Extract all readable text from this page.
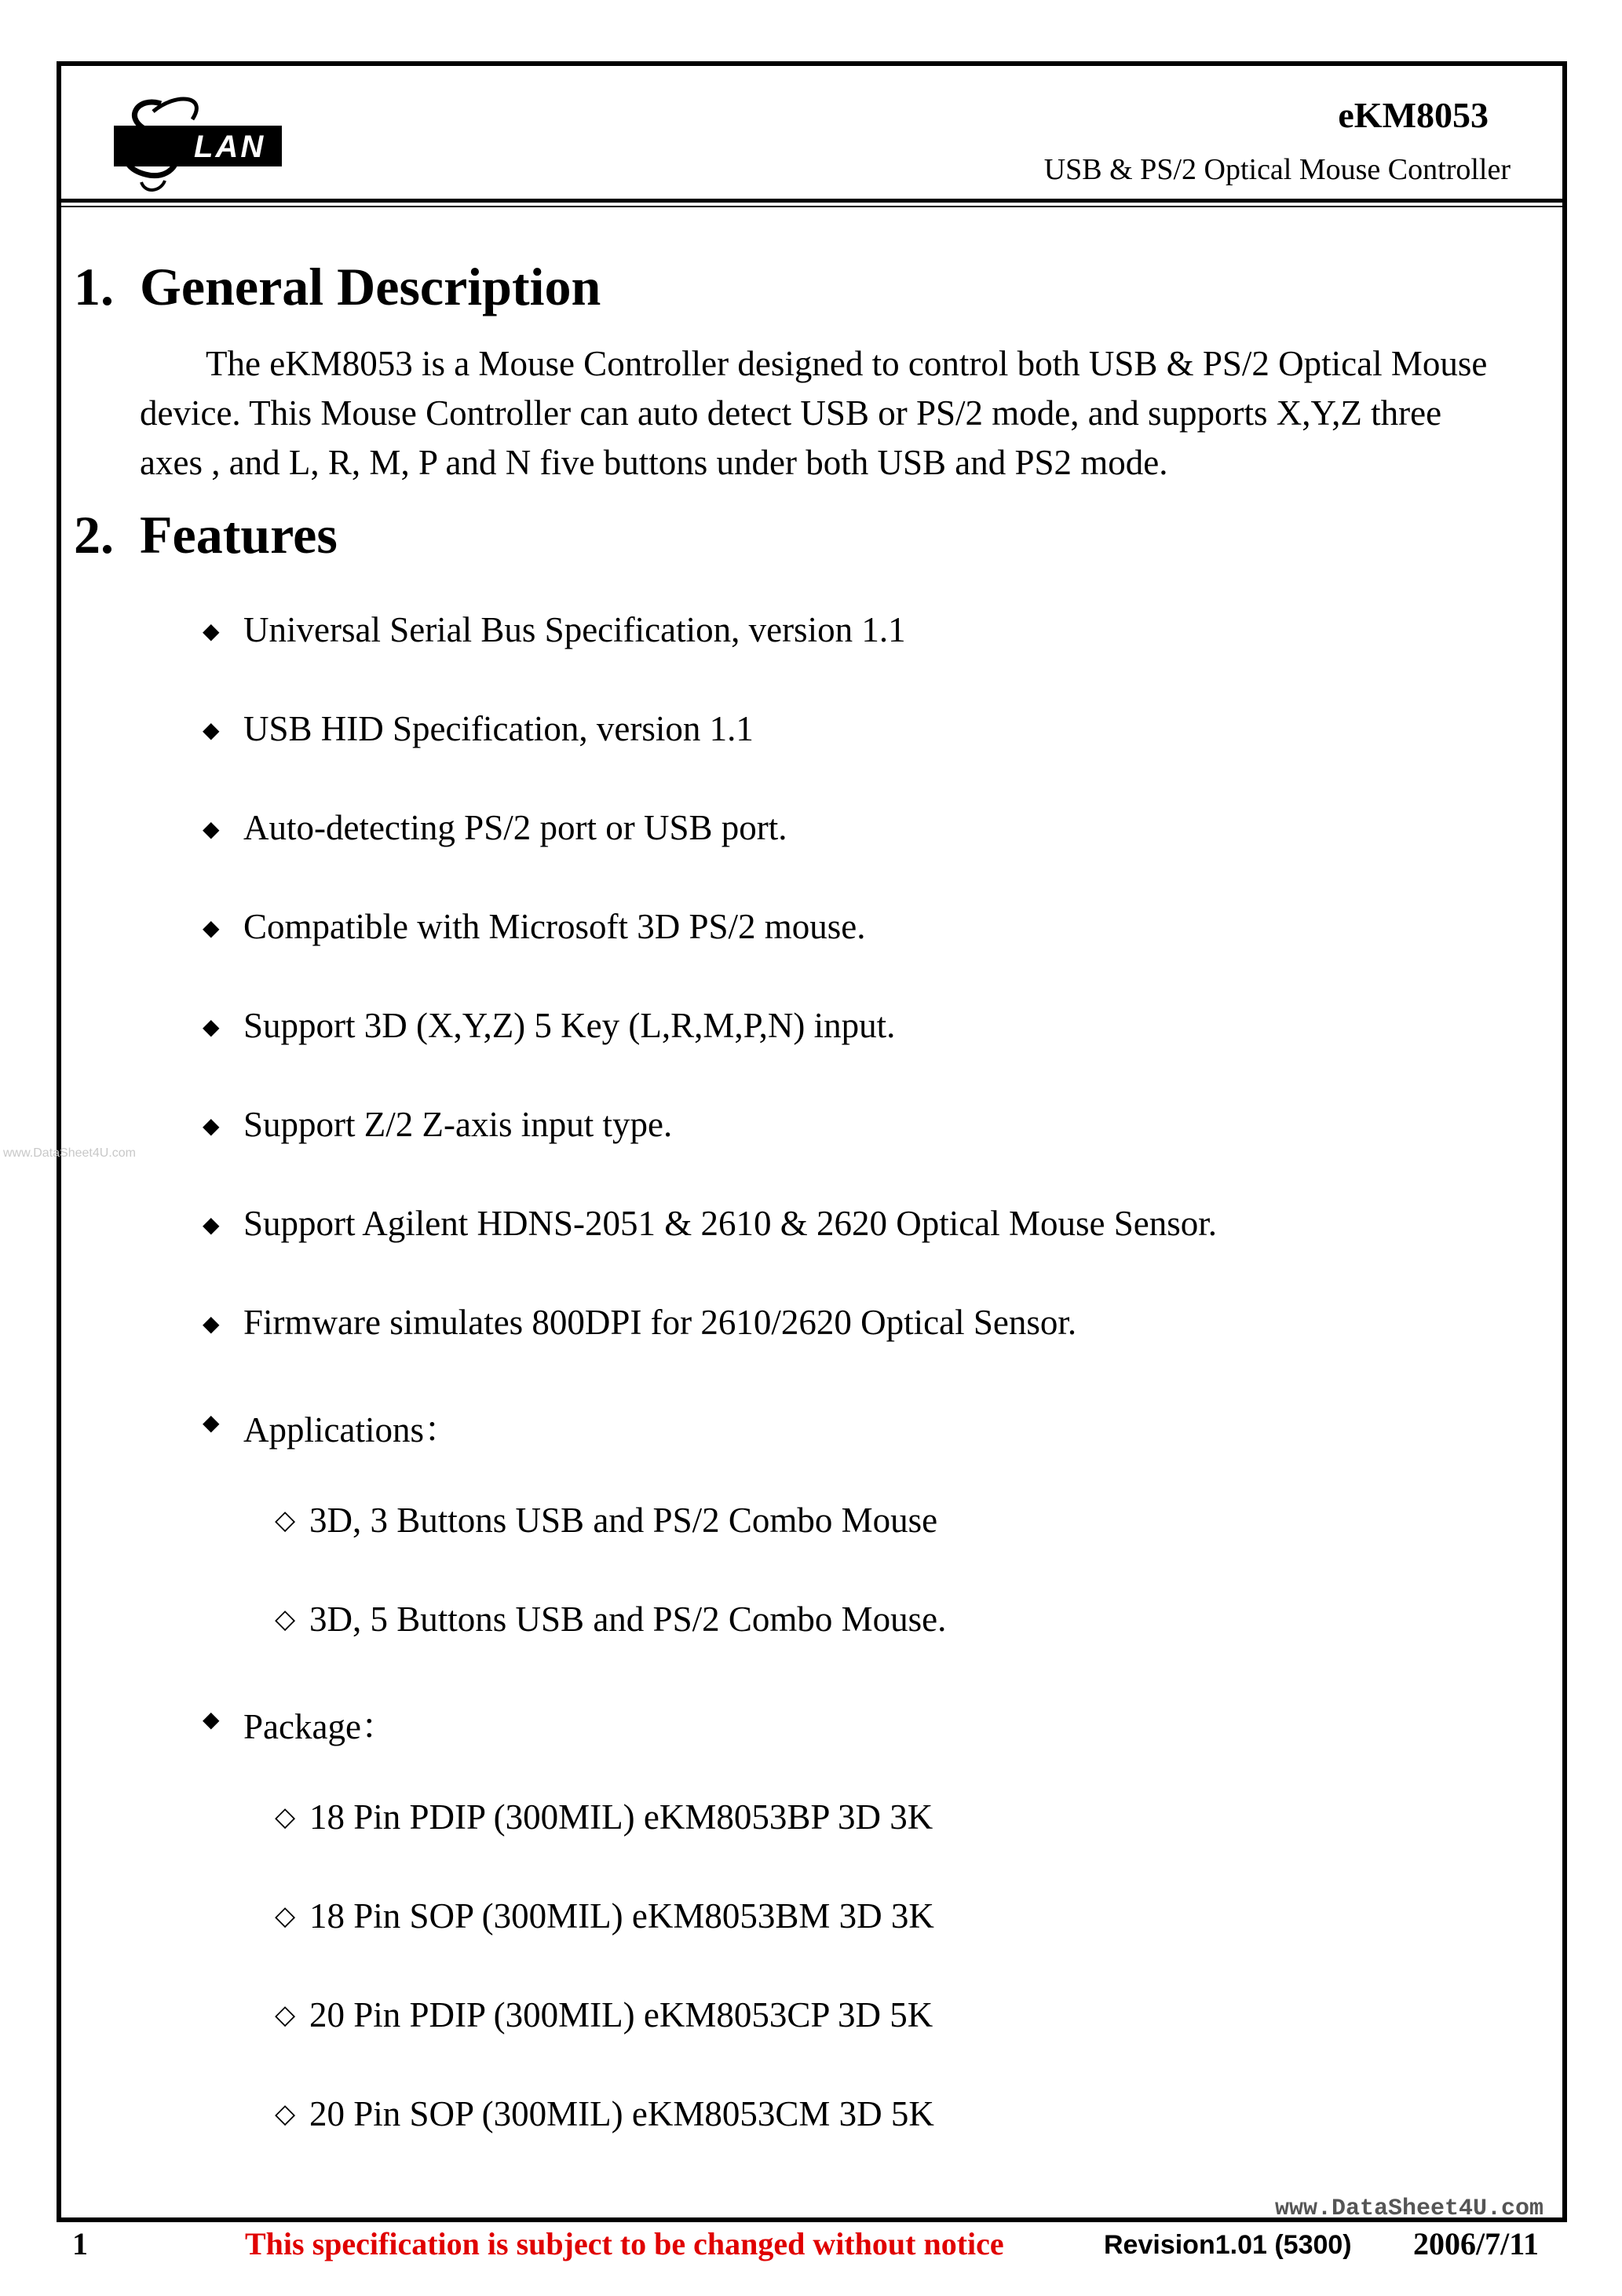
LAN
eKM8053
USB & PS/2 Optical Mouse Controller
1. General Description
The eKM8053 is a Mouse Controller designed to control both USB & PS/2 Optical Mouse device. This Mouse Controller can auto detect USB or PS/2 mode, and supports X,Y,Z three axes , and L, R, M, P and N five buttons under both USB and PS2 mode.
2. Features
◆ Universal Serial Bus Specification, version 1.1
◆ USB HID Specification, version 1.1
◆ Auto-detecting PS/2 port or USB port.
◆ Compatible with Microsoft 3D PS/2 mouse.
◆ Support 3D (X,Y,Z) 5 Key (L,R,M,P,N) input.
◆ Support Z/2 Z-axis input type.
◆ Support Agilent HDNS-2051 & 2610 & 2620 Optical Mouse Sensor.
◆ Firmware simulates 800DPI for 2610/2620 Optical Sensor.
◆ Applications：
◇ 3D, 3 Buttons USB and PS/2 Combo Mouse
◇ 3D, 5 Buttons USB and PS/2 Combo Mouse.
◆ Package：
◇ 18 Pin PDIP (300MIL) eKM8053BP 3D 3K
◇ 18 Pin SOP (300MIL) eKM8053BM 3D 3K
◇ 20 Pin PDIP (300MIL) eKM8053CP 3D 5K
◇ 20 Pin SOP (300MIL) eKM8053CM 3D 5K
www.DataSheet4U.com
www.DataSheet4U.com
1	This specification is subject to be changed without notice	Revision1.01 (5300) 2006/7/11
